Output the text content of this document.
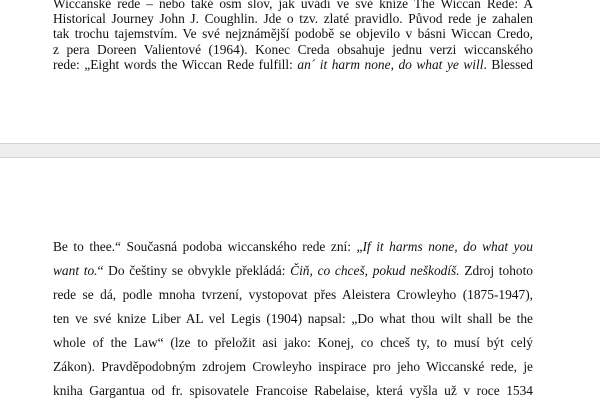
Wiccanské rede – nebo také osm slov, jak uvádí ve své knize The Wiccan Rede: A
Historical Journey John J. Coughlin. Jde o tzv. zlaté pravidlo. Původ rede je zahalen
tak trochu tajemstvím. Ve své nejznámější podobě se objevilo v básni Wiccan Credo,
z pera Doreen Valientové (1964). Konec Creda obsahuje jednu verzi wiccanského
rede: „Eight words the Wiccan Rede fulfill: an´ it harm none, do what ye will. Blessed

Be to thee.“ Současná podoba wiccanského rede zní: „If it harms none, do what you
want to.“ Do češtiny se obvykle překládá: Čiň, co chceš, pokud neškodíš. Zdroj tohoto
rede se dá, podle mnoha tvrzení, vystopovat přes Aleistera Crowleyho (1875-1947),
ten ve své knize Liber AL vel Legis (1904) napsal: „Do what thou wilt shall be the
whole of the Law“ (lze to přeložit asi jako: Konej, co chceš ty, to musí být celý
Zákon). Pravděpodobným zdrojem Crowleyho inspirace pro jeho Wiccanské rede, je
kniha Gargantua od fr. spisovatele Francoise Rabelaise, která vyšla už v roce 1534
